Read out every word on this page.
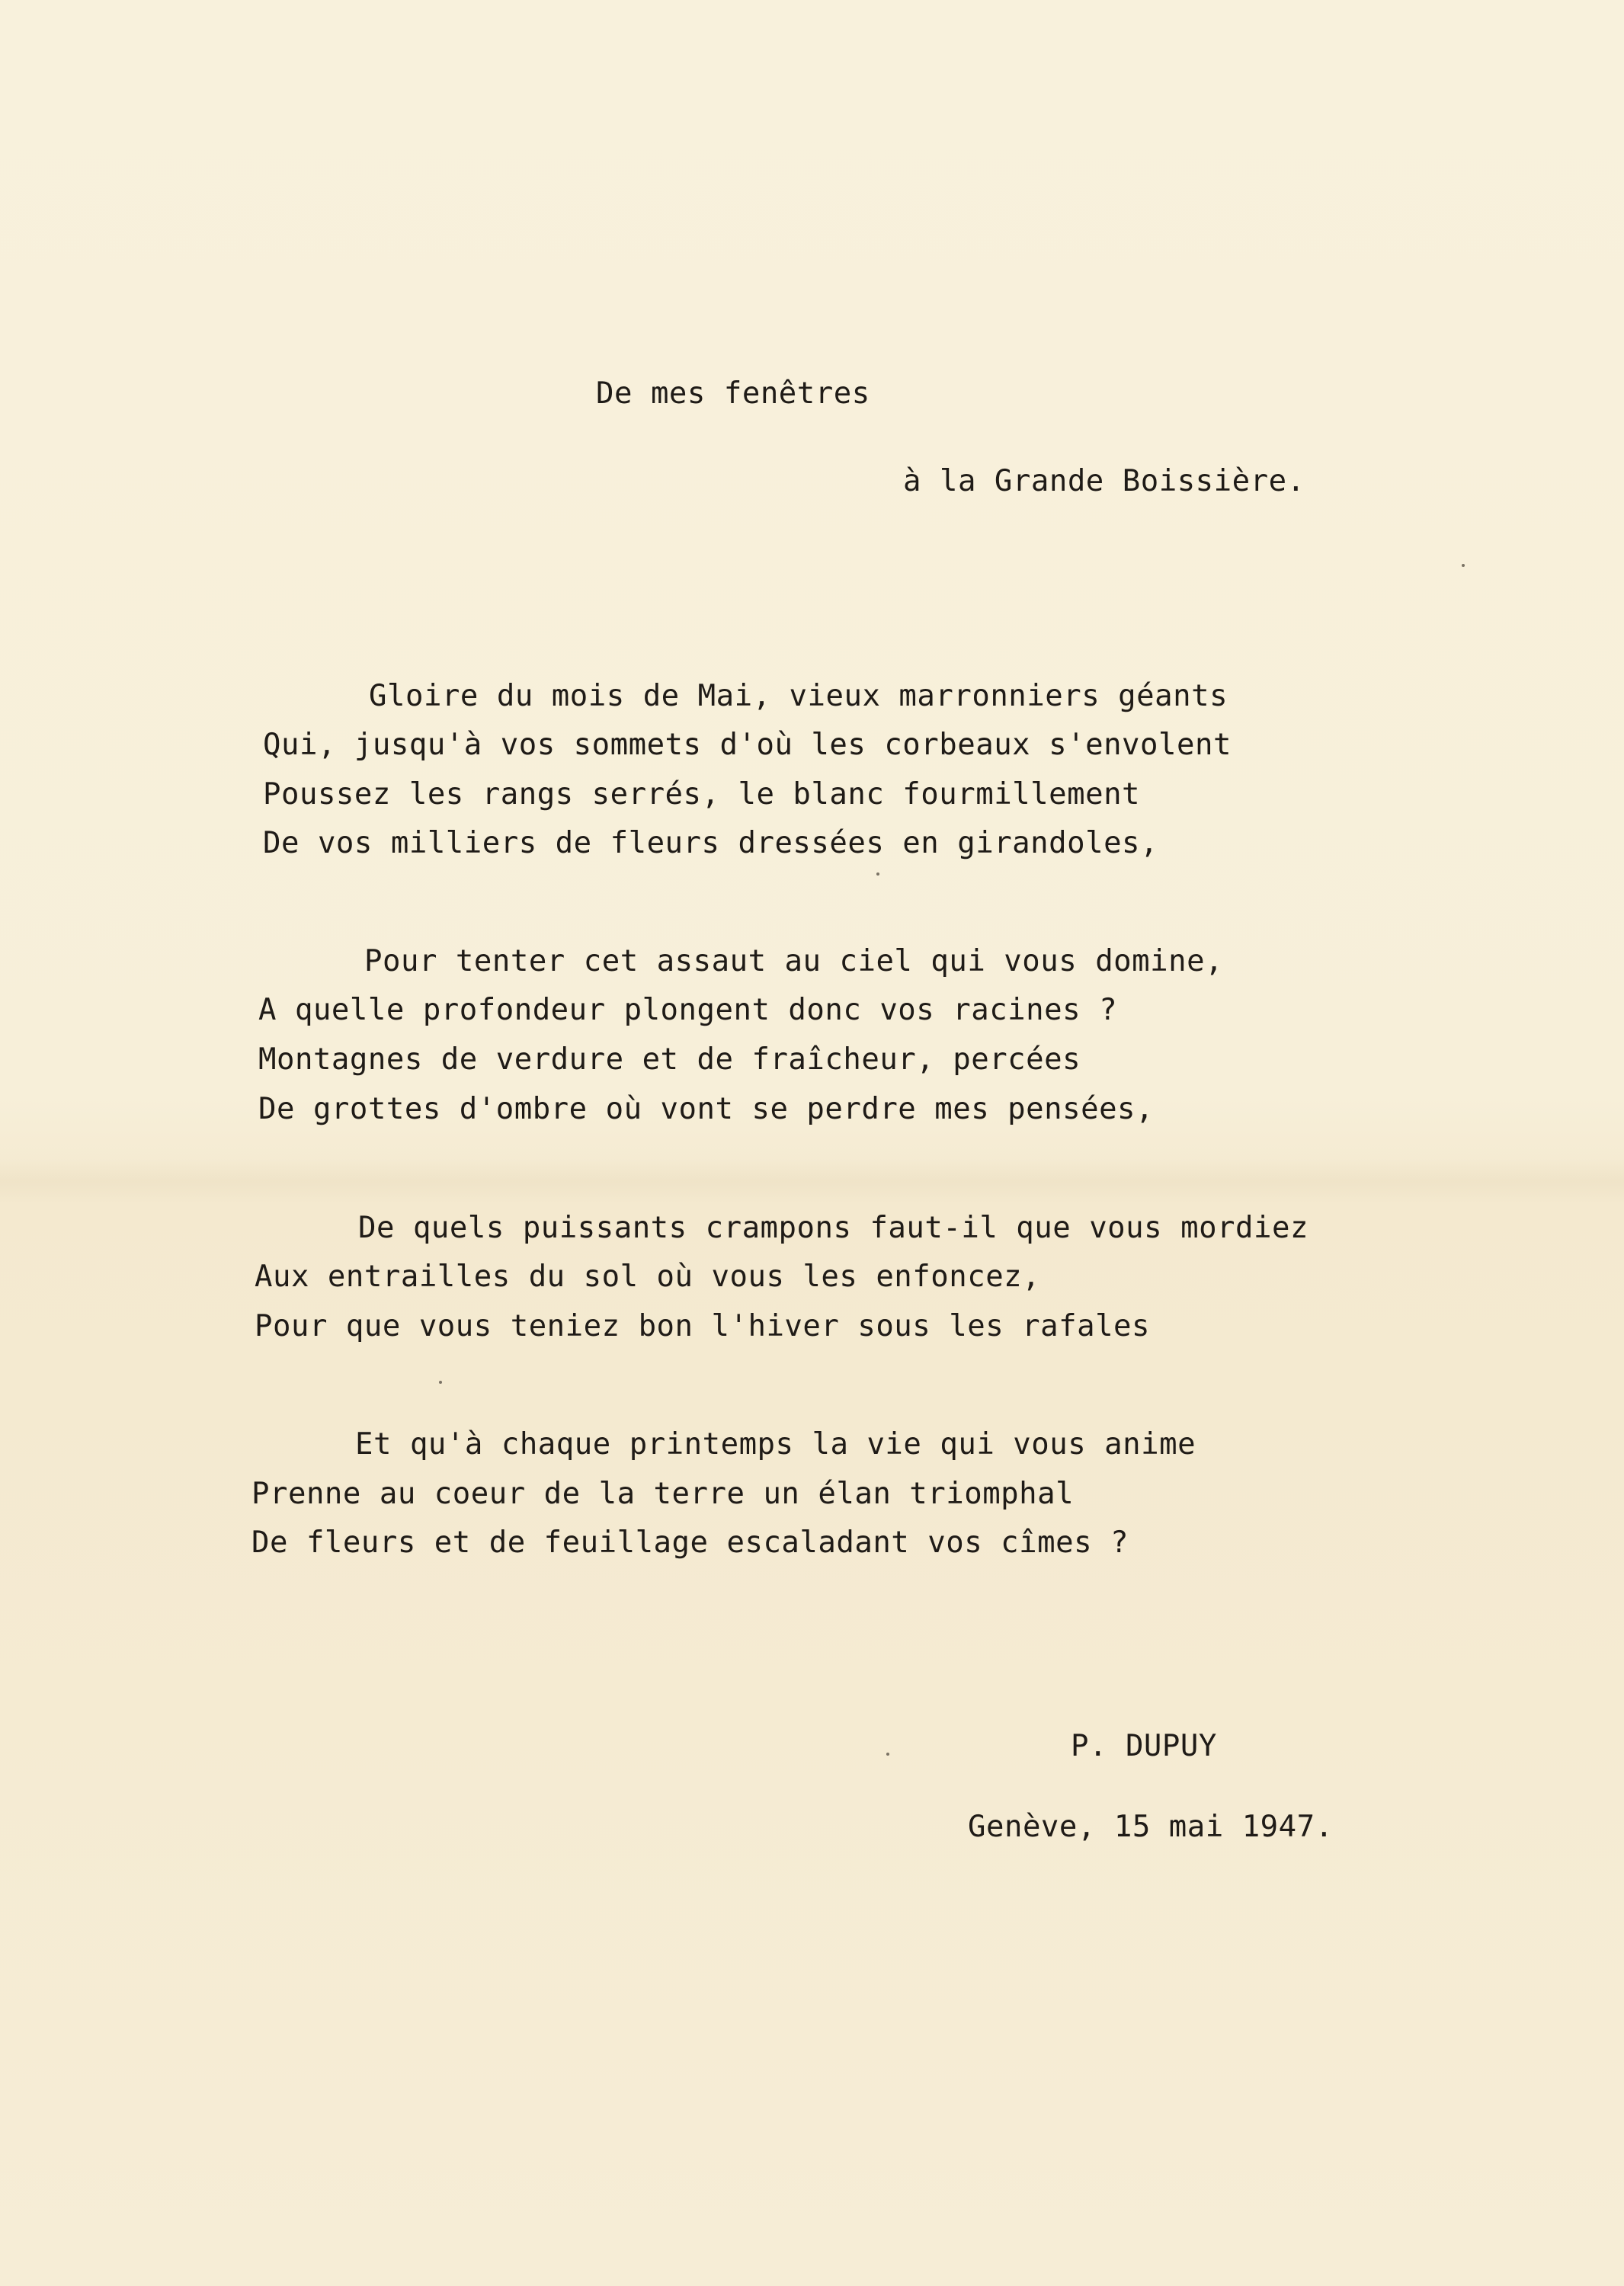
De mes fenêtres
à la Grande Boissière.
Gloire du mois de Mai, vieux marronniers géants
Qui, jusqu'à vos sommets d'où les corbeaux s'envolent
Poussez les rangs serrés, le blanc fourmillement
De vos milliers de fleurs dressées en girandoles,
Pour tenter cet assaut au ciel qui vous domine,
A quelle profondeur plongent donc vos racines ?
Montagnes de verdure et de fraîcheur, percées
De grottes d'ombre où vont se perdre mes pensées,
De quels puissants crampons faut-il que vous mordiez
Aux entrailles du sol où vous les enfoncez,
Pour que vous teniez bon l'hiver sous les rafales
Et qu'à chaque printemps la vie qui vous anime
Prenne au coeur de la terre un élan triomphal
De fleurs et de feuillage escaladant vos cîmes ?
P. DUPUY
Genève, 15 mai 1947.
